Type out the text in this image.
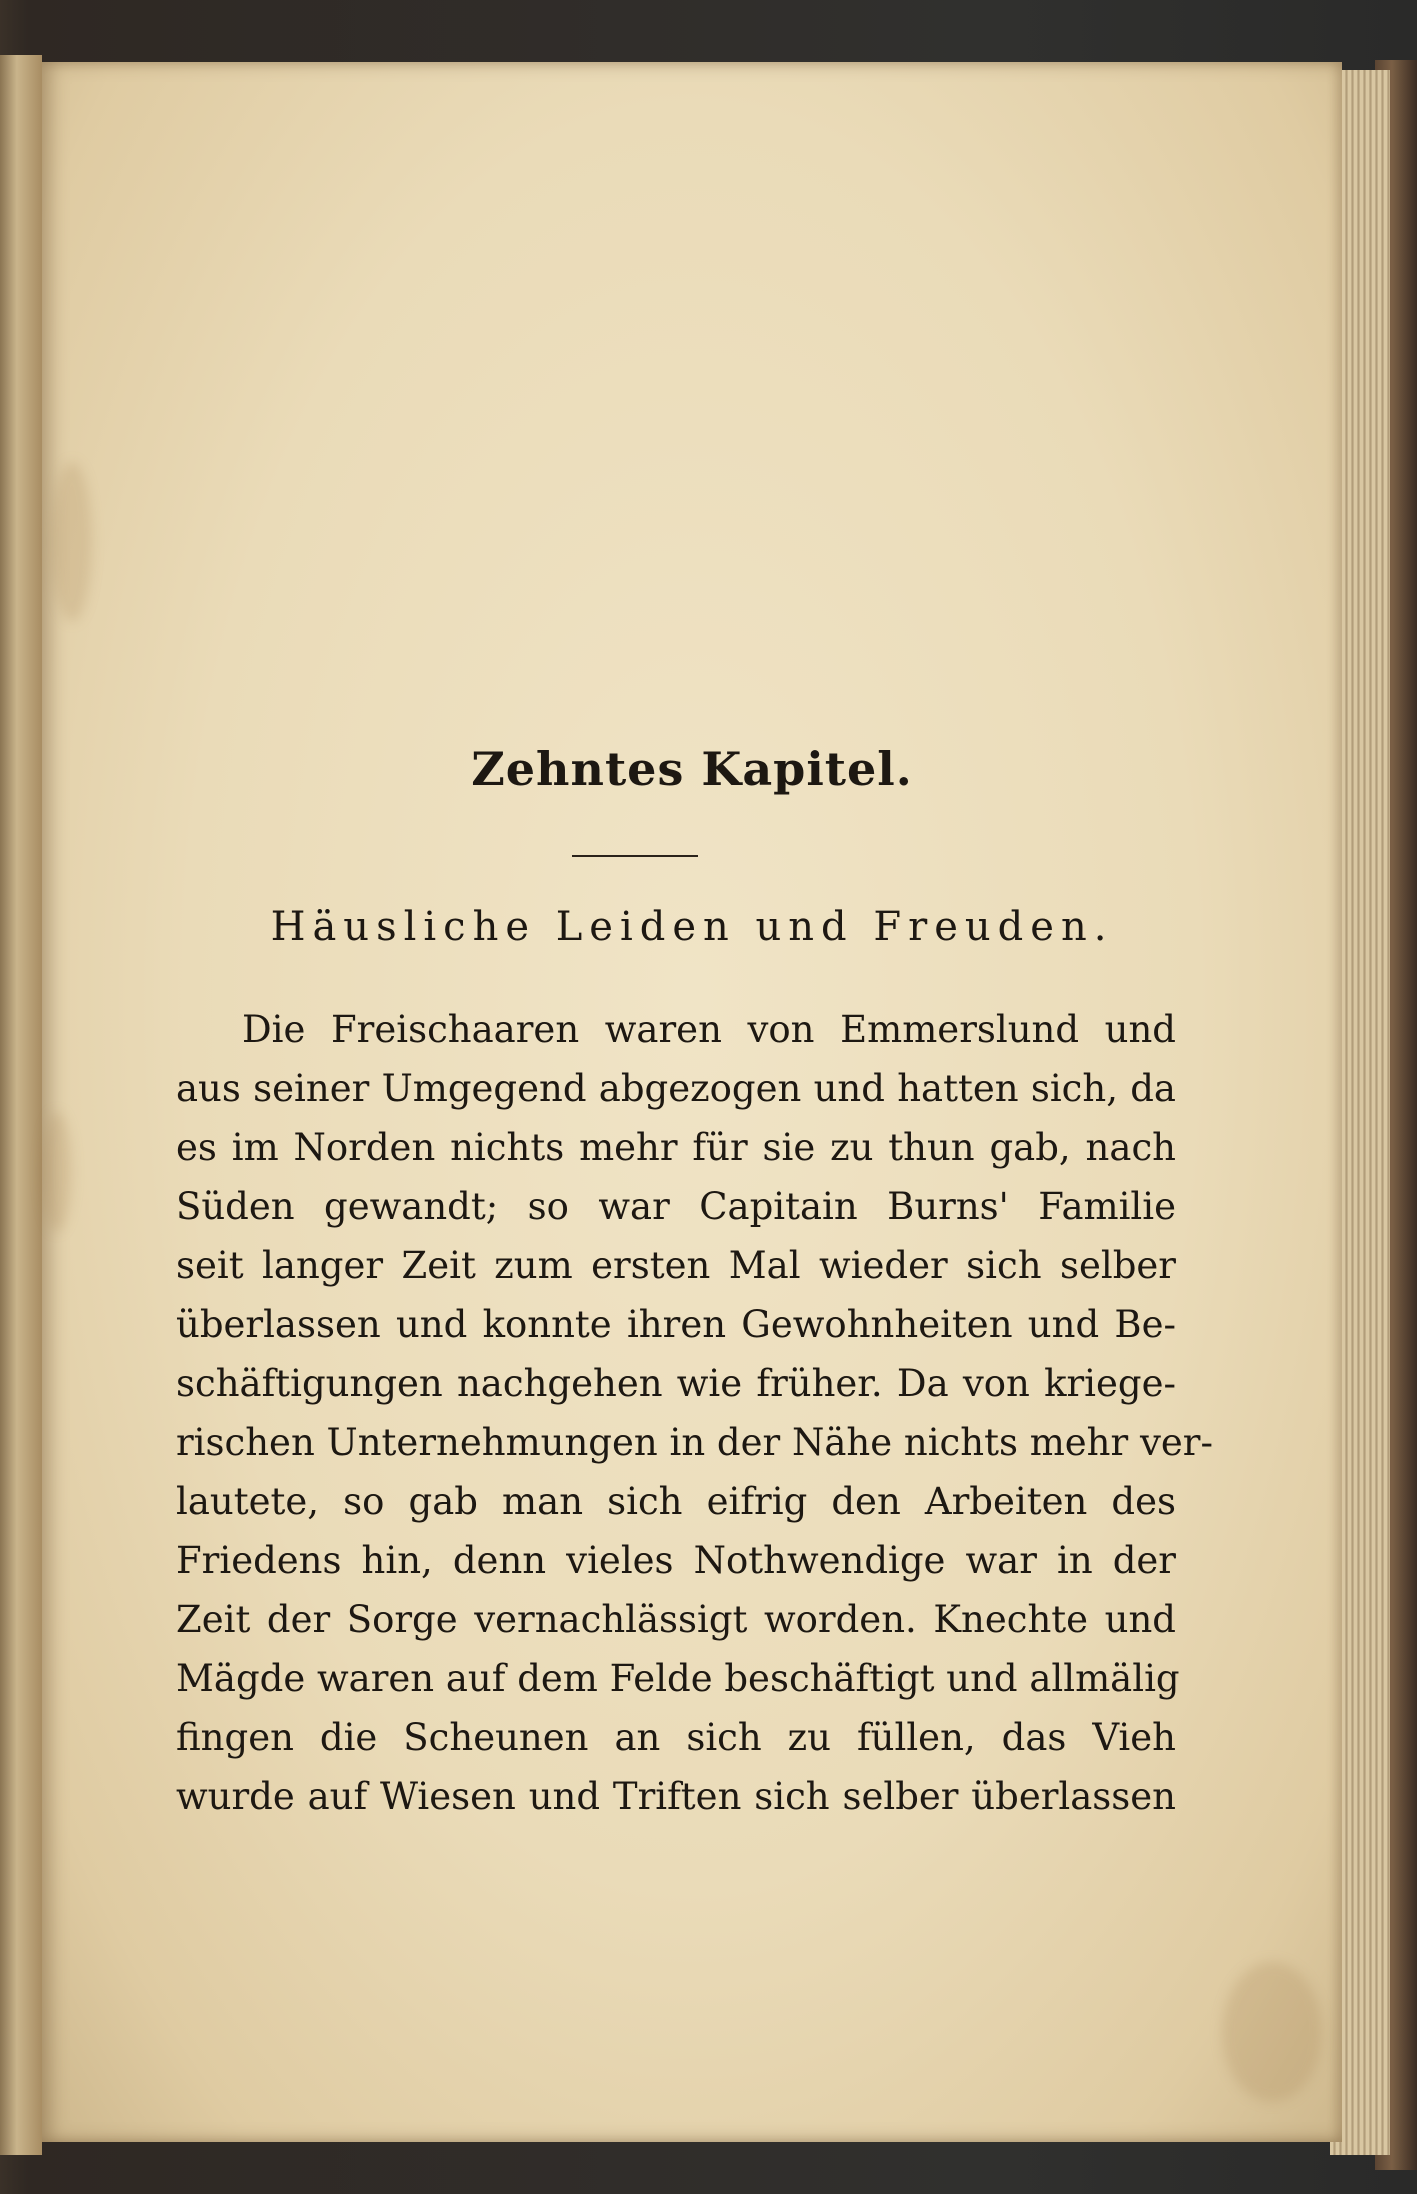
Zehntes Kapitel.
Häusliche Leiden und Freuden.
Die Freischaaren waren von Emmerslund und
aus seiner Umgegend abgezogen und hatten sich, da
es im Norden nichts mehr für sie zu thun gab, nach
Süden gewandt; so war Capitain Burns' Familie
seit langer Zeit zum ersten Mal wieder sich selber
überlassen und konnte ihren Gewohnheiten und Be-
schäftigungen nachgehen wie früher. Da von kriege-
rischen Unternehmungen in der Nähe nichts mehr ver-
lautete, so gab man sich eifrig den Arbeiten des
Friedens hin, denn vieles Nothwendige war in der
Zeit der Sorge vernachlässigt worden. Knechte und
Mägde waren auf dem Felde beschäftigt und allmälig
fingen die Scheunen an sich zu füllen, das Vieh
wurde auf Wiesen und Triften sich selber überlassen
